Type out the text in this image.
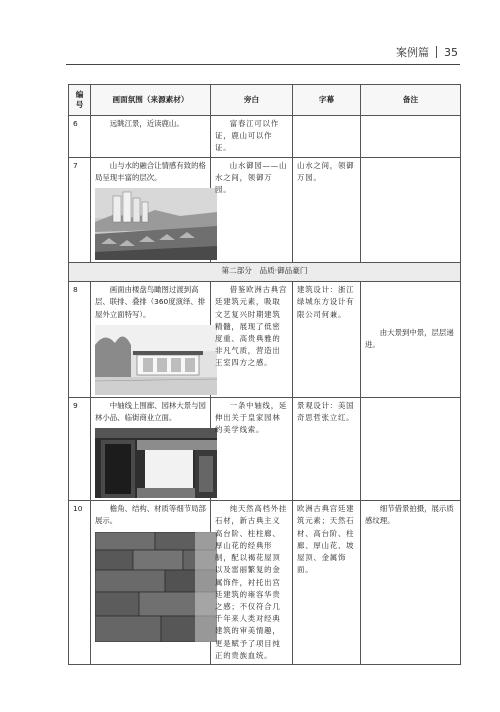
案例篇 35
编号	画面氛围（来源素材）	旁白	字幕	备注
6	远眺江景，近读鹿山。	富春江可以作证，鹿山可以作证。		
7	山与水的融合让情感有致的格局呈现丰富的层次。	山水御园——山水之间，领御万园。	山水之间，领御万园。	
第二部分　品质·御品豪门				
8	画面由楼盘鸟瞰图过渡到高层、联排、叠排（360度演绎、排屋外立面特写）。	借鉴欧洲古典宫廷建筑元素，吸取文艺复兴时期建筑精髓，展现了低密度重、高贵典雅的非凡气质，营造出王室四方之感。	建筑设计：浙江绿城东方设计有限公司何兼。	由大景到中景，层层递进。
9	中轴线上围廊、园林大景与园林小品、临街商业立面。	一条中轴线，延伸出关于皇家园林的美学线索。	景观设计：美国奇思哲张立红。	
10	檐角、结构、材质等细节局部展示。	纯天然高档外挂石材，新古典主义高台阶、柱柱廊、厚山花的经典形制，配以褐花屋顶以及雷丽繁复的金属饰件，衬托出宫廷建筑的雍容华贵之感；不仅符合几千年来人类对经典建筑的审美情趣，更是赋予了项目纯正的贵族血统。	欧洲古典宫廷建筑元素；天然石材、高台阶、柱廊、厚山花、坡屋顶、金属饰面。	细节借景拍摄，展示质感纹理。
